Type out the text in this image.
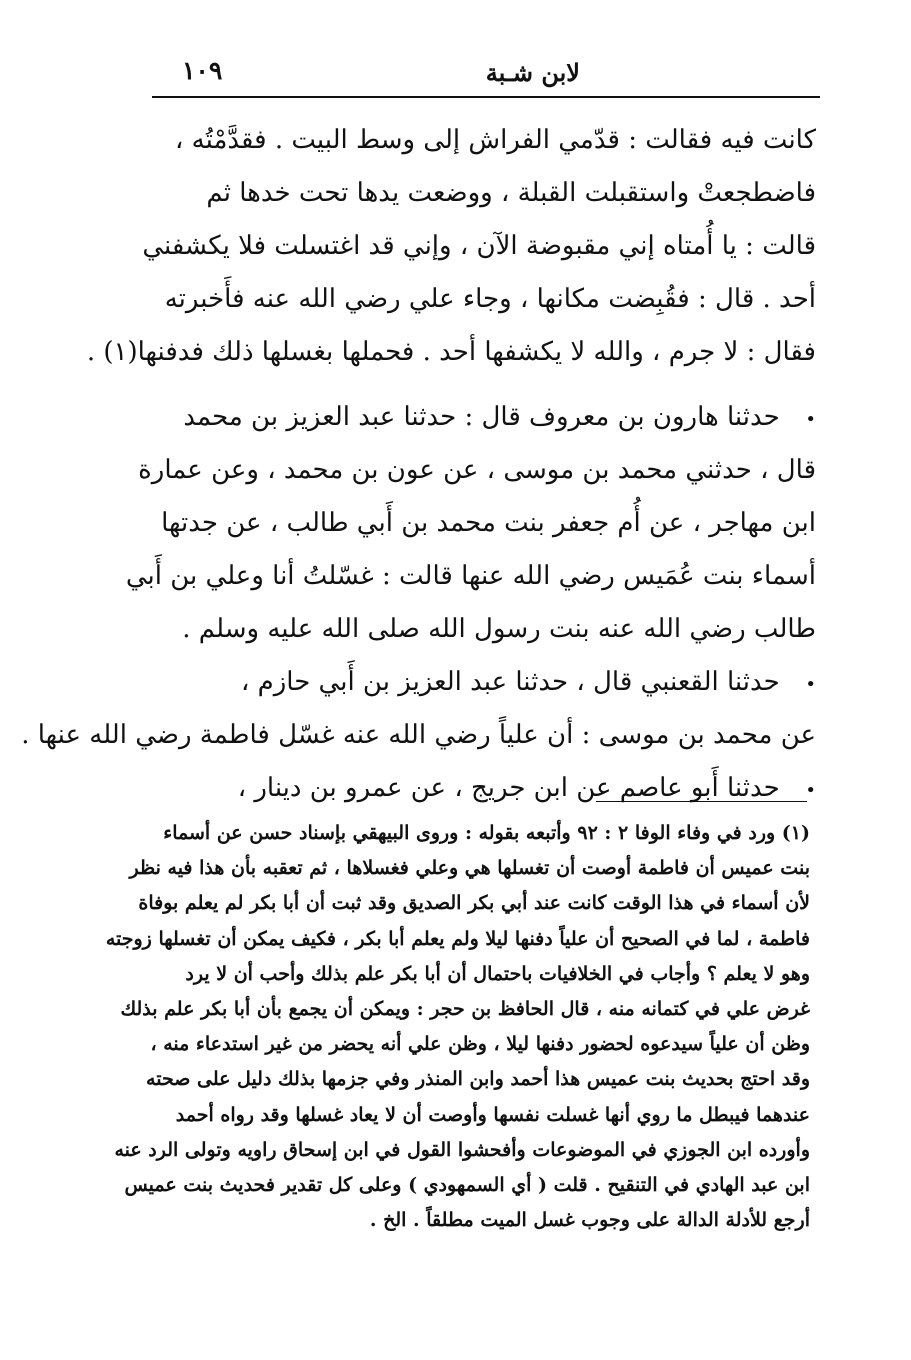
لابن شـبة
١٠٩
كانت فيه فقالت : قدّمي الفراش إلى وسط البيت . فقدَّمْتُه ،
فاضطجعتْ واستقبلت القبلة ، ووضعت يدها تحت خدها ثم
قالت : يا أُمتاه إني مقبوضة الآن ، وإني قد اغتسلت فلا يكشفني
أحد . قال : فقُبِضت مكانها ، وجاء علي رضي الله عنه فأَخبرته
فقال : لا جرم ، والله لا يكشفها أحد . فحملها بغسلها ذلك فدفنها(١) .
• حدثنا هارون بن معروف قال : حدثنا عبد العزيز بن محمد
قال ، حدثني محمد بن موسى ، عن عون بن محمد ، وعن عمارة
ابن مهاجر ، عن أُم جعفر بنت محمد بن أَبي طالب ، عن جدتها
أسماء بنت عُمَيس رضي الله عنها قالت : غسّلتُ أنا وعلي بن أَبي
طالب رضي الله عنه بنت رسول الله صلى الله عليه وسلم .
• حدثنا القعنبي قال ، حدثنا عبد العزيز بن أَبي حازم ،
عن محمد بن موسى : أن علياً رضي الله عنه غسّل فاطمة رضي الله عنها .
• حدثنا أَبو عاصم عن ابن جريج ، عن عمرو بن دينار ،
(١) ورد في وفاء الوفا ٢ : ٩٢ وأتبعه بقوله : وروى البيهقي بإسناد حسن عن أسماء
بنت عميس أن فاطمة أوصت أن تغسلها هي وعلي فغسلاها ، ثم تعقبه بأن هذا فيه نظر
لأن أسماء في هذا الوقت كانت عند أبي بكر الصديق وقد ثبت أن أبا بكر لم يعلم بوفاة
فاطمة ، لما في الصحيح أن علياً دفنها ليلا ولم يعلم أبا بكر ، فكيف يمكن أن تغسلها زوجته
وهو لا يعلم ؟ وأجاب في الخلافيات باحتمال أن أبا بكر علم بذلك وأحب أن لا يرد
غرض علي في كتمانه منه ، قال الحافظ بن حجر : ويمكن أن يجمع بأن أبا بكر علم بذلك
وظن أن علياً سيدعوه لحضور دفنها ليلا ، وظن علي أنه يحضر من غير استدعاء منه ،
وقد احتج بحديث بنت عميس هذا أحمد وابن المنذر وفي جزمها بذلك دليل على صحته
عندهما فيبطل ما روي أنها غسلت نفسها وأوصت أن لا يعاد غسلها وقد رواه أحمد
وأورده ابن الجوزي في الموضوعات وأفحشوا القول في ابن إسحاق راويه وتولى الرد عنه
ابن عبد الهادي في التنقيح . قلت ( أي السمهودي ) وعلى كل تقدير فحديث بنت عميس
أرجع للأدلة الدالة على وجوب غسل الميت مطلقاً . الخ .
